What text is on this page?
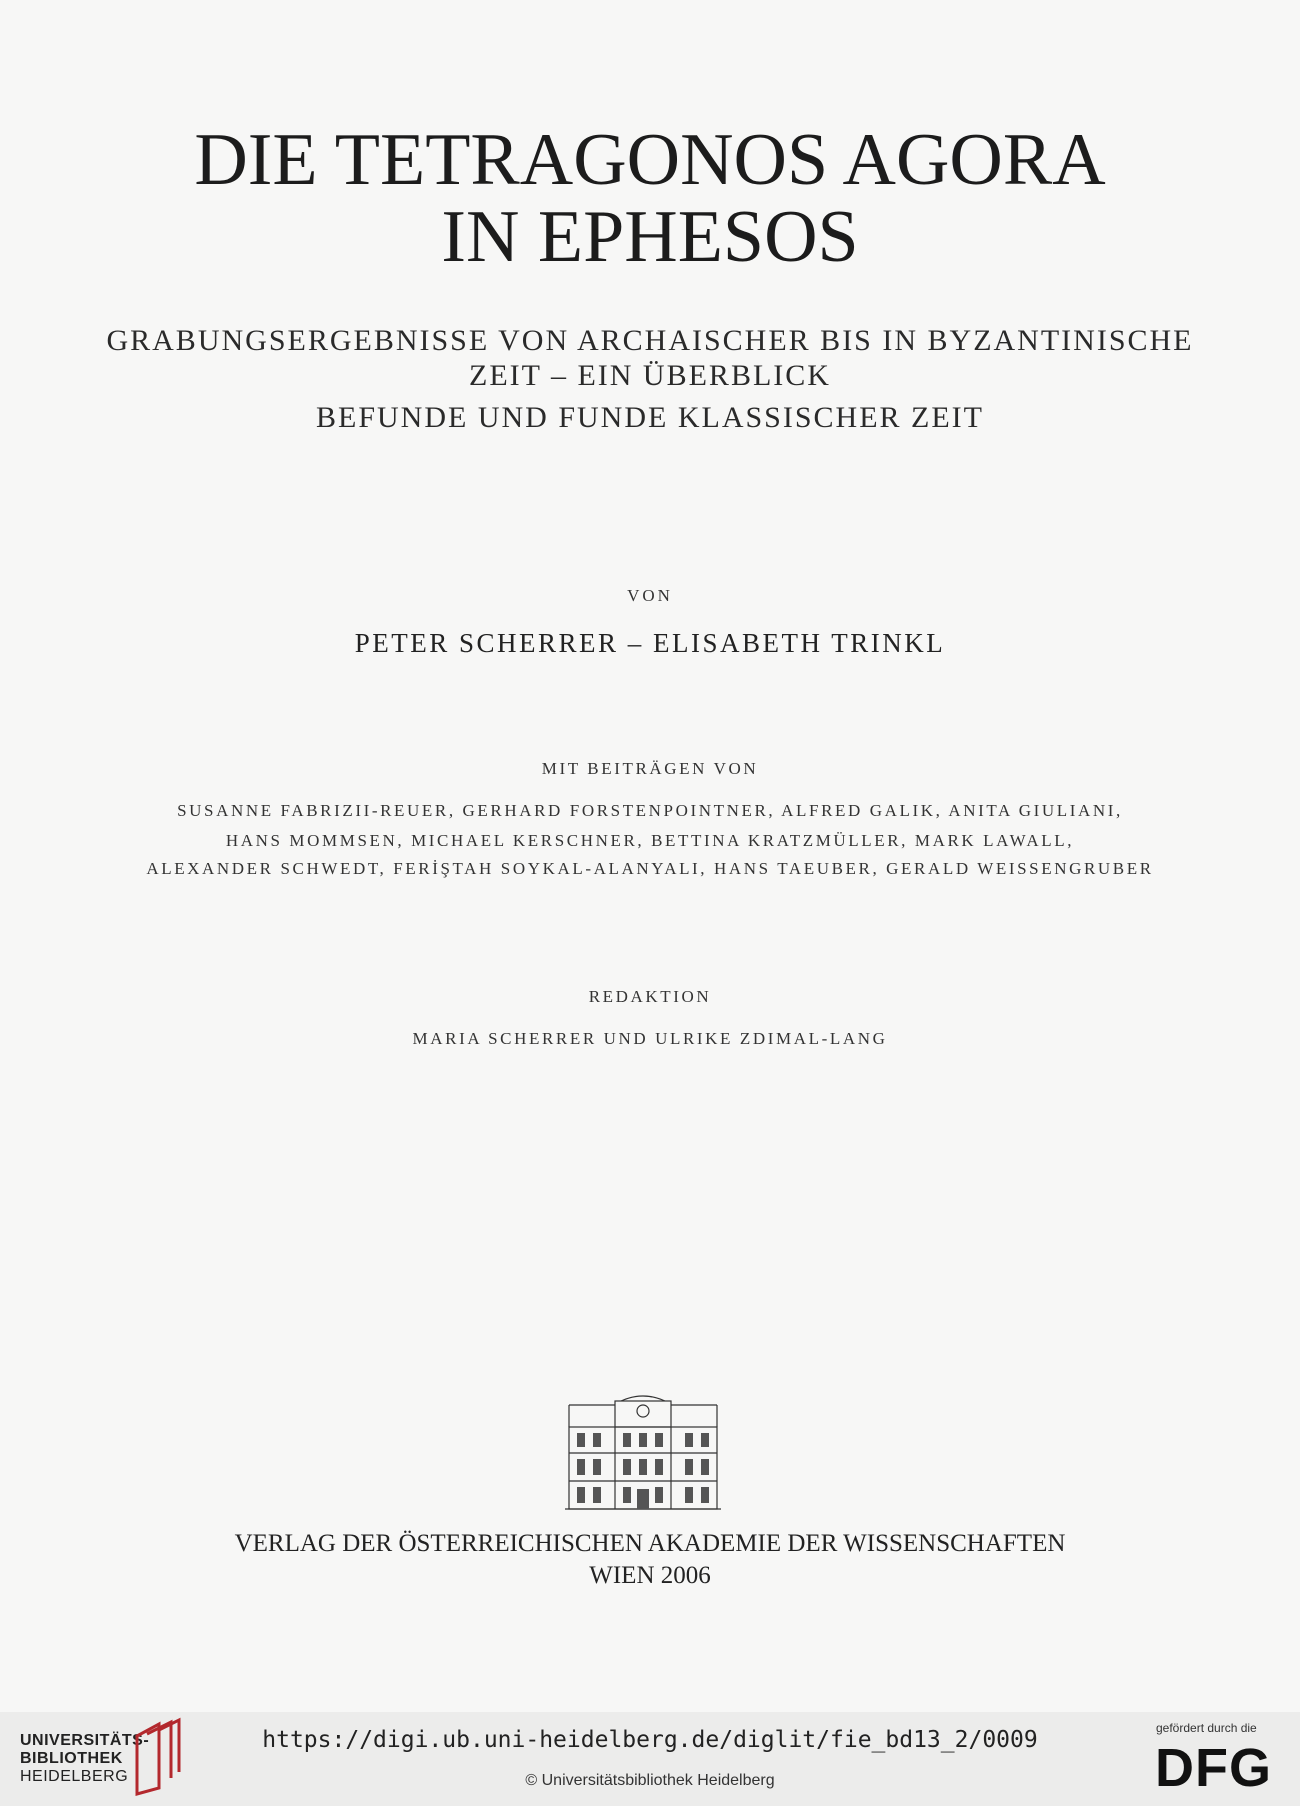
DIE TETRAGONOS AGORA
IN EPHESOS
GRABUNGSERGEBNISSE VON ARCHAISCHER BIS IN BYZANTINISCHE
ZEIT – EIN ÜBERBLICK
BEFUNDE UND FUNDE KLASSISCHER ZEIT
VON
PETER SCHERRER – ELISABETH TRINKL
MIT BEITRÄGEN VON
SUSANNE FABRIZII-REUER, GERHARD FORSTENPOINTNER, ALFRED GALIK, ANITA GIULIANI,
HANS MOMMSEN, MICHAEL KERSCHNER, BETTINA KRATZMÜLLER, MARK LAWALL,
ALEXANDER SCHWEDT, FERİŞTAH SOYKAL-ALANYALI, HANS TAEUBER, GERALD WEISSENGRUBER
REDAKTION
MARIA SCHERRER UND ULRIKE ZDIMAL-LANG
VERLAG DER ÖSTERREICHISCHEN AKADEMIE DER WISSENSCHAFTEN
WIEN 2006
UNIVERSITÄTS-
BIBLIOTHEK
HEIDELBERG
https://digi.ub.uni-heidelberg.de/diglit/fie_bd13_2/0009
© Universitätsbibliothek Heidelberg
gefördert durch die
DFG
